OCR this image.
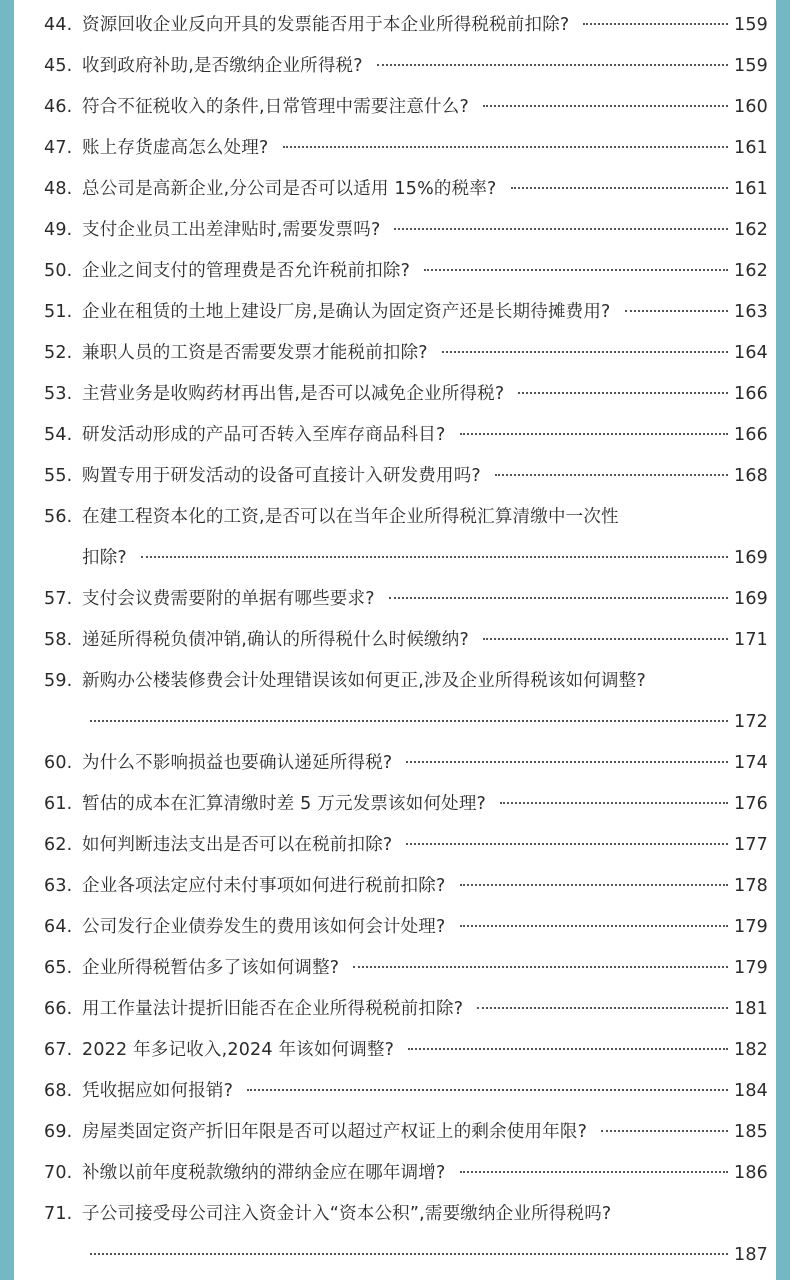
44. 资源回收企业反向开具的发票能否用于本企业所得税税前扣除?	159
45. 收到政府补助,是否缴纳企业所得税?	159
46. 符合不征税收入的条件,日常管理中需要注意什么?	160
47. 账上存货虚高怎么处理?	161
48. 总公司是高新企业,分公司是否可以适用 15%的税率?	161
49. 支付企业员工出差津贴时,需要发票吗?	162
50. 企业之间支付的管理费是否允许税前扣除?	162
51. 企业在租赁的土地上建设厂房,是确认为固定资产还是长期待摊费用?	163
52. 兼职人员的工资是否需要发票才能税前扣除?	164
53. 主营业务是收购药材再出售,是否可以减免企业所得税?	166
54. 研发活动形成的产品可否转入至库存商品科目?	166
55. 购置专用于研发活动的设备可直接计入研发费用吗?	168
56. 在建工程资本化的工资,是否可以在当年企业所得税汇算清缴中一次性
扣除?	169
57. 支付会议费需要附的单据有哪些要求?	169
58. 递延所得税负债冲销,确认的所得税什么时候缴纳?	171
59. 新购办公楼装修费会计处理错误该如何更正,涉及企业所得税该如何调整?
172
60. 为什么不影响损益也要确认递延所得税?	174
61. 暂估的成本在汇算清缴时差 5 万元发票该如何处理?	176
62. 如何判断违法支出是否可以在税前扣除?	177
63. 企业各项法定应付未付事项如何进行税前扣除?	178
64. 公司发行企业债券发生的费用该如何会计处理?	179
65. 企业所得税暂估多了该如何调整?	179
66. 用工作量法计提折旧能否在企业所得税税前扣除?	181
67. 2022 年多记收入,2024 年该如何调整?	182
68. 凭收据应如何报销?	184
69. 房屋类固定资产折旧年限是否可以超过产权证上的剩余使用年限?	185
70. 补缴以前年度税款缴纳的滞纳金应在哪年调增?	186
71. 子公司接受母公司注入资金计入“资本公积”,需要缴纳企业所得税吗?
187
